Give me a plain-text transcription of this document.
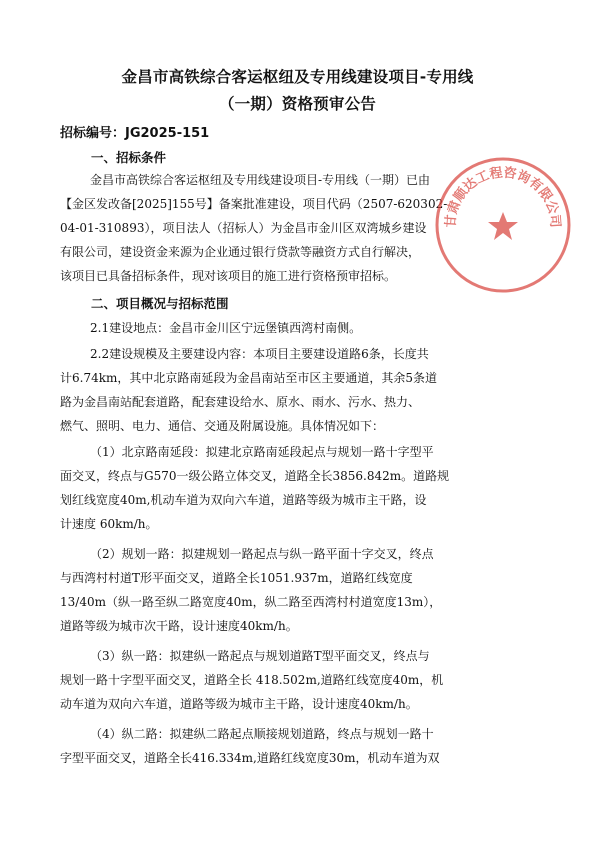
金昌市高铁综合客运枢纽及专用线建设项目-专用线
（一期）资格预审公告
招标编号：JG2025-151
一、招标条件
金昌市高铁综合客运枢纽及专用线建设项目-专用线（一期）已由
【金区发改备[2025]155号】备案批准建设，项目代码（2507-620302-
04-01-310893），项目法人（招标人）为金昌市金川区双湾城乡建设
有限公司，建设资金来源为企业通过银行贷款等融资方式自行解决，
该项目已具备招标条件，现对该项目的施工进行资格预审招标。
二、项目概况与招标范围
2.1建设地点：金昌市金川区宁远堡镇西湾村南侧。
2.2建设规模及主要建设内容：本项目主要建设道路6条，长度共
计6.74km，其中北京路南延段为金昌南站至市区主要通道，其余5条道
路为金昌南站配套道路，配套建设给水、原水、雨水、污水、热力、
燃气、照明、电力、通信、交通及附属设施。具体情况如下：
（1）北京路南延段：拟建北京路南延段起点与规划一路十字型平
面交叉，终点与G570一级公路立体交叉，道路全长3856.842m。道路规
划红线宽度40m,机动车道为双向六车道，道路等级为城市主干路，设
计速度 60km/h。
（2）规划一路：拟建规划一路起点与纵一路平面十字交叉，终点
与西湾村村道T形平面交叉，道路全长1051.937m，道路红线宽度
13/40m（纵一路至纵二路宽度40m，纵二路至西湾村村道宽度13m），
道路等级为城市次干路，设计速度40km/h。
（3）纵一路：拟建纵一路起点与规划道路T型平面交叉，终点与
规划一路十字型平面交叉，道路全长 418.502m,道路红线宽度40m，机
动车道为双向六车道，道路等级为城市主干路，设计速度40km/h。
（4）纵二路：拟建纵二路起点顺接规划道路，终点与规划一路十
字型平面交叉，道路全长416.334m,道路红线宽度30m，机动车道为双
甘肃顺达工程咨询有限公司
